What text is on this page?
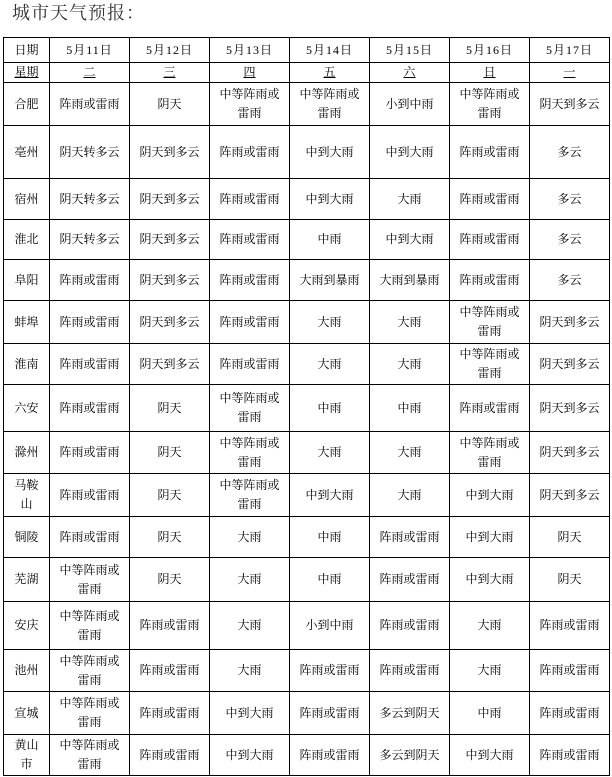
城市天气预报：
日期	5月11日	5月12日	5月13日	5月14日	5月15日	5月16日	5月17日
星期	二	三	四	五	六	日	一
合肥	阵雨或雷雨	阴天	中等阵雨或雷雨	中等阵雨或雷雨	小到中雨	中等阵雨或雷雨	阴天到多云
亳州	阴天转多云	阴天到多云	阵雨或雷雨	中到大雨	中到大雨	阵雨或雷雨	多云
宿州	阴天转多云	阴天到多云	阵雨或雷雨	中到大雨	大雨	阵雨或雷雨	多云
淮北	阴天转多云	阴天到多云	阵雨或雷雨	中雨	中到大雨	阵雨或雷雨	多云
阜阳	阵雨或雷雨	阴天到多云	阵雨或雷雨	大雨到暴雨	大雨到暴雨	阵雨或雷雨	多云
蚌埠	阵雨或雷雨	阴天到多云	阵雨或雷雨	大雨	大雨	中等阵雨或雷雨	阴天到多云
淮南	阵雨或雷雨	阴天到多云	阵雨或雷雨	大雨	大雨	中等阵雨或雷雨	阴天到多云
六安	阵雨或雷雨	阴天	中等阵雨或雷雨	中雨	中雨	阵雨或雷雨	阴天到多云
滁州	阵雨或雷雨	阴天	中等阵雨或雷雨	大雨	大雨	中等阵雨或雷雨	阴天到多云
马鞍山	阵雨或雷雨	阴天	中等阵雨或雷雨	中到大雨	大雨	中到大雨	阴天到多云
铜陵	阵雨或雷雨	阴天	大雨	中雨	阵雨或雷雨	中到大雨	阴天
芜湖	中等阵雨或雷雨	阴天	大雨	中雨	阵雨或雷雨	中到大雨	阴天
安庆	中等阵雨或雷雨	阵雨或雷雨	大雨	小到中雨	阵雨或雷雨	大雨	阵雨或雷雨
池州	中等阵雨或雷雨	阵雨或雷雨	大雨	阵雨或雷雨	阵雨或雷雨	大雨	阵雨或雷雨
宣城	中等阵雨或雷雨	阵雨或雷雨	中到大雨	阵雨或雷雨	多云到阴天	中雨	阵雨或雷雨
黄山市	中等阵雨或雷雨	阵雨或雷雨	中到大雨	阵雨或雷雨	多云到阴天	中到大雨	阵雨或雷雨
